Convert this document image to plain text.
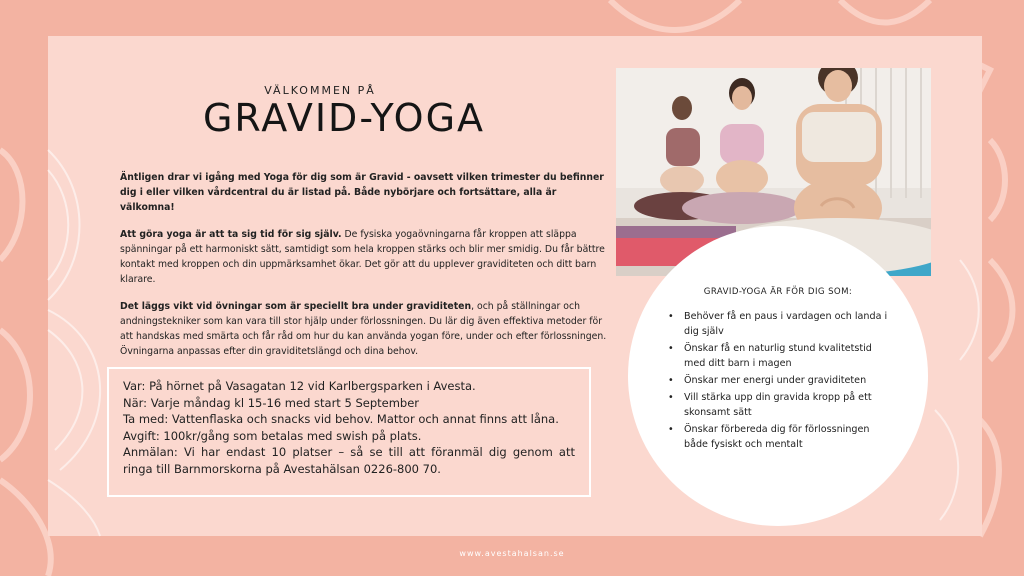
VÄLKOMMEN PÅ
GRAVID-YOGA

Äntligen drar vi igång med Yoga för dig som är Gravid - oavsett vilken trimester du befinner dig i eller vilken vårdcentral du är listad på. Både nybörjare och fortsättare, alla är välkomna!

Att göra yoga är att ta sig tid för sig själv. De fysiska yogaövningarna får kroppen att släppa spänningar på ett harmoniskt sätt, samtidigt som hela kroppen stärks och blir mer smidig. Du får bättre kontakt med kroppen och din uppmärksamhet ökar. Det gör att du upplever graviditeten och ditt barn klarare.

Det läggs vikt vid övningar som är speciellt bra under graviditeten, och på ställningar och andningstekniker som kan vara till stor hjälp under förlossningen. Du lär dig även effektiva metoder för att handskas med smärta och får råd om hur du kan använda yogan före, under och efter förlossningen. Övningarna anpassas efter din graviditetslängd och dina behov.

Var: På hörnet på Vasagatan 12 vid Karlbergsparken i Avesta.
När: Varje måndag kl 15-16 med start 5 September
Ta med: Vattenflaska och snacks vid behov. Mattor och annat finns att låna.
Avgift: 100kr/gång som betalas med swish på plats.
Anmälan: Vi har endast 10 platser – så se till att föranmäl dig genom att
ringa till Barnmorskorna på Avestahälsan 0226-800 70.
GRAVID-YOGA ÄR FÖR DIG SOM:
• Behöver få en paus i vardagen och landa i dig själv
• Önskar få en naturlig stund kvalitetstid med ditt barn i magen
• Önskar mer energi under graviditeten
• Vill stärka upp din gravida kropp på ett skonsamt sätt
• Önskar förbereda dig för förlossningen både fysiskt och mentalt
www.avestahalsan.se
